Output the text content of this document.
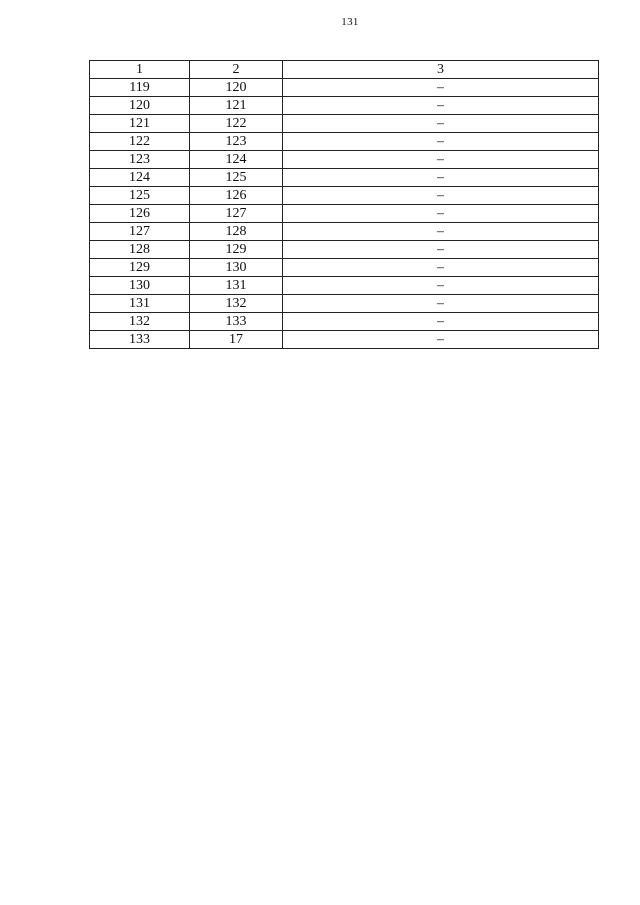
131
1	2	3
119	120	–
120	121	–
121	122	–
122	123	–
123	124	–
124	125	–
125	126	–
126	127	–
127	128	–
128	129	–
129	130	–
130	131	–
131	132	–
132	133	–
133	17	–
